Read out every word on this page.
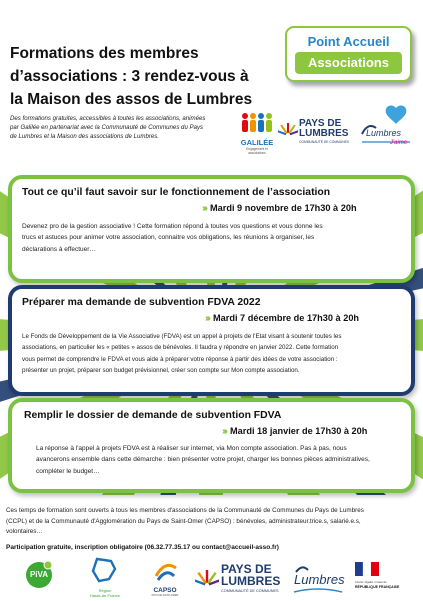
Formations des membres
d’associations : 3 rendez-vous à
la Maison des assos de Lumbres
Des formations gratuites, accessibles à toutes les associations, animées
par Galilée en partenariat avec la Communauté de Communes du Pays
de Lumbres et la Maison des associations de Lumbres.
Point Accueil
Associations
GALILÉE
Engagement et associations
PAYS DE
LUMBRES
COMMUNAUTÉ DE COMMUNES
Lumbres
J'aime
Tout ce qu’il faut savoir sur le fonctionnement de l’association
››› Mardi 9 novembre de 17h30 à 20h
Devenez pro de la gestion associative ! Cette formation répond à toutes vos questions et vous donne les
trucs et astuces pour animer votre association, connaitre vos obligations, les réunions à organiser, les
déclarations à effectuer…
Préparer ma demande de subvention FDVA 2022
››› Mardi 7 décembre de 17h30 à 20h
Le Fonds de Développement de la Vie Associative (FDVA) est un appel à projets de l'Etat visant à soutenir toutes les
associations, en particulier les « petites » assos de bénévoles. Il faudra y répondre en janvier 2022. Cette formation
vous permet de comprendre le FDVA et vous aide à préparer votre réponse à partir des idées de votre association :
présenter un projet, préparer son budget prévisionnel, créer son compte sur Mon compte association.
Remplir le dossier de demande de subvention FDVA
››› Mardi 18 janvier de 17h30 à 20h
La réponse à l'appel à projets FDVA est à réaliser sur internet, via Mon compte association. Pas à pas, nous
avancerons ensemble dans cette démarche : bien présenter votre projet, charger les bonnes pièces administratives,
compléter le budget…
Ces temps de formation sont ouverts à tous les membres d'associations de la Communauté de Communes du Pays de Lumbres
(CCPL) et de la Communauté d'Agglomération du Pays de Saint-Omer (CAPSO) : bénévoles, administrateur.trice.s, salarié.e.s,
volontaires…
Participation gratuite, inscription obligatoire (06.32.77.35.17 ou contact@accueil-asso.fr)
PiVA
Région
Hauts-de-France
CAPSO
PAYS DE SAINT-OMER
PAYS DE
LUMBRES
COMMUNAUTÉ DE COMMUNES
Lumbres	Liberté • Égalité • Fraternité
RÉPUBLIQUE FRANÇAISE
